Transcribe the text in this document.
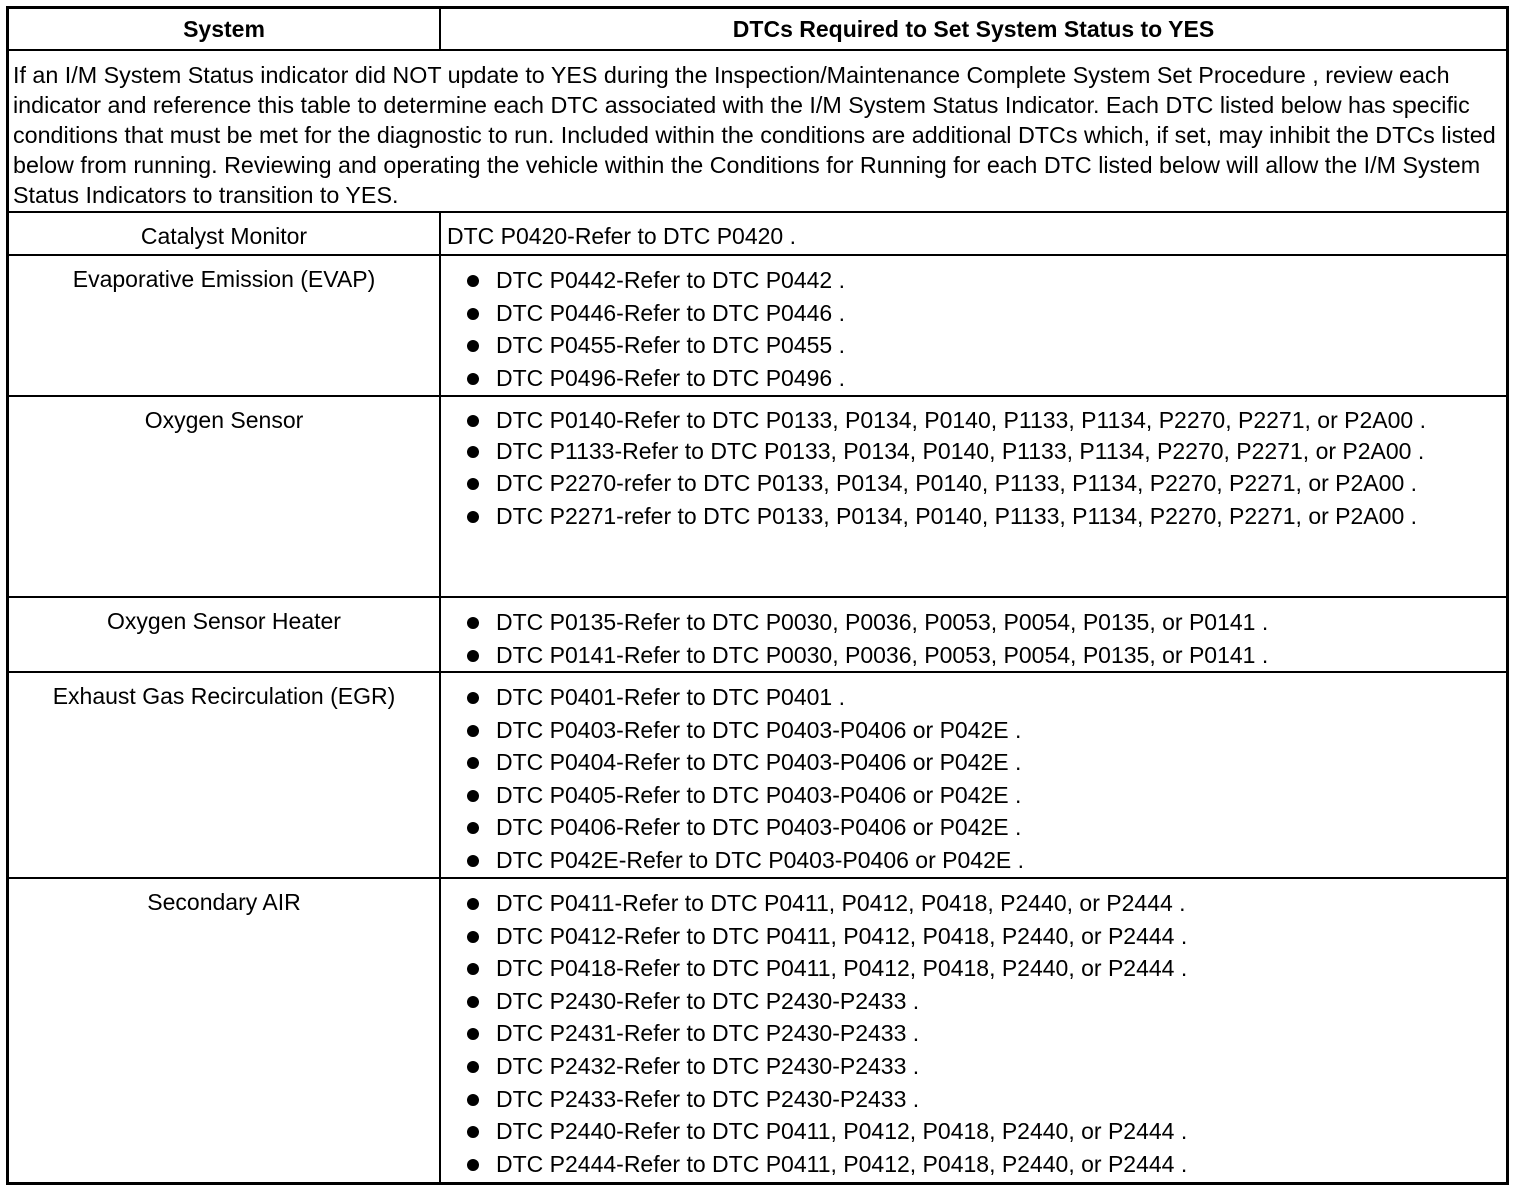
System	DTCs Required to Set System Status to YES
If an I/M System Status indicator did NOT update to YES during the Inspection/Maintenance Complete System Set Procedure , review each indicator and reference this table to determine each DTC associated with the I/M System Status Indicator. Each DTC listed below has specific conditions that must be met for the diagnostic to run. Included within the conditions are additional DTCs which, if set, may inhibit the DTCs listed below from running. Reviewing and operating the vehicle within the Conditions for Running for each DTC listed below will allow the I/M System Status Indicators to transition to YES.
Catalyst Monitor	DTC P0420-Refer to DTC P0420 .
Evaporative Emission (EVAP)	DTC P0442-Refer to DTC P0442 .
DTC P0446-Refer to DTC P0446 .
DTC P0455-Refer to DTC P0455 .
DTC P0496-Refer to DTC P0496 .
Oxygen Sensor	DTC P0140-Refer to DTC P0133, P0134, P0140, P1133, P1134, P2270, P2271, or P2A00 .
DTC P1133-Refer to DTC P0133, P0134, P0140, P1133, P1134, P2270, P2271, or P2A00 .
DTC P2270-refer to DTC P0133, P0134, P0140, P1133, P1134, P2270, P2271, or P2A00 .
DTC P2271-refer to DTC P0133, P0134, P0140, P1133, P1134, P2270, P2271, or P2A00 .
Oxygen Sensor Heater	DTC P0135-Refer to DTC P0030, P0036, P0053, P0054, P0135, or P0141 .
DTC P0141-Refer to DTC P0030, P0036, P0053, P0054, P0135, or P0141 .
Exhaust Gas Recirculation (EGR)	DTC P0401-Refer to DTC P0401 .
DTC P0403-Refer to DTC P0403-P0406 or P042E .
DTC P0404-Refer to DTC P0403-P0406 or P042E .
DTC P0405-Refer to DTC P0403-P0406 or P042E .
DTC P0406-Refer to DTC P0403-P0406 or P042E .
DTC P042E-Refer to DTC P0403-P0406 or P042E .
Secondary AIR	DTC P0411-Refer to DTC P0411, P0412, P0418, P2440, or P2444 .
DTC P0412-Refer to DTC P0411, P0412, P0418, P2440, or P2444 .
DTC P0418-Refer to DTC P0411, P0412, P0418, P2440, or P2444 .
DTC P2430-Refer to DTC P2430-P2433 .
DTC P2431-Refer to DTC P2430-P2433 .
DTC P2432-Refer to DTC P2430-P2433 .
DTC P2433-Refer to DTC P2430-P2433 .
DTC P2440-Refer to DTC P0411, P0412, P0418, P2440, or P2444 .
DTC P2444-Refer to DTC P0411, P0412, P0418, P2440, or P2444 .
